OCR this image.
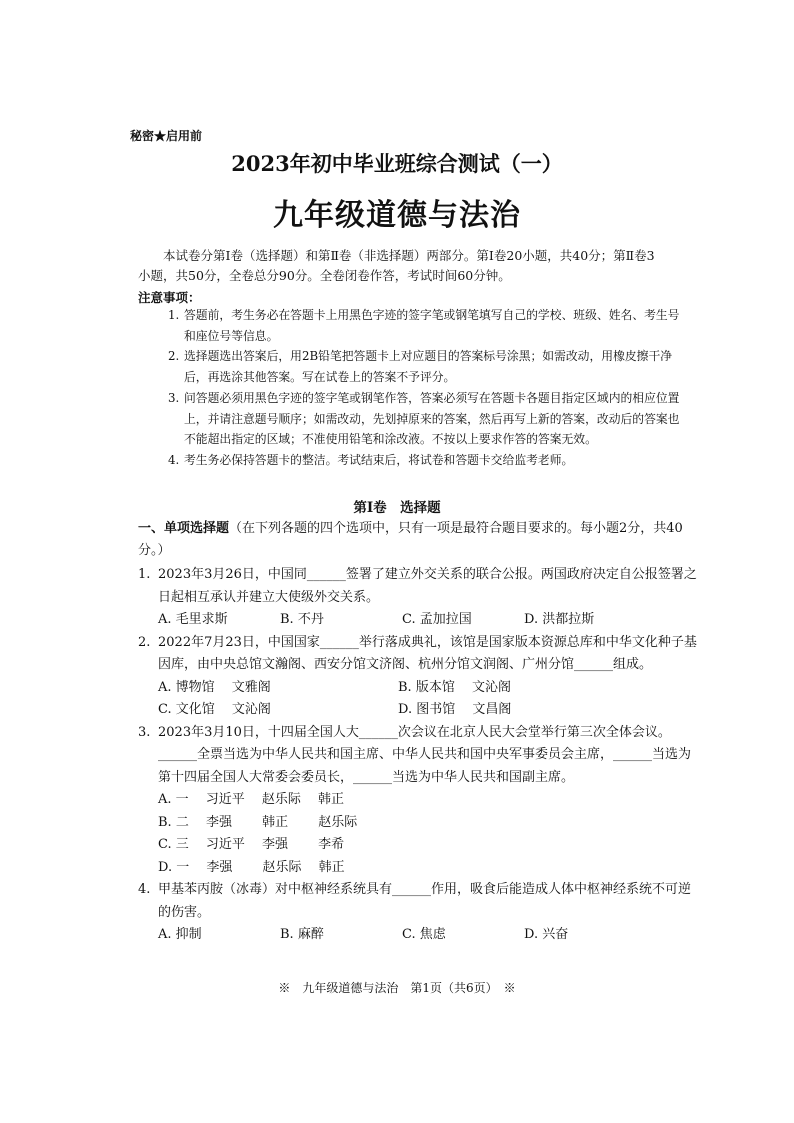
秘密★启用前
2023年初中毕业班综合测试（一）
九年级道德与法治
本试卷分第Ⅰ卷（选择题）和第Ⅱ卷（非选择题）两部分。第Ⅰ卷20小题，共40分；第Ⅱ卷3小题，共50分，全卷总分90分。全卷闭卷作答，考试时间60分钟。
注意事项：
1. 答题前，考生务必在答题卡上用黑色字迹的签字笔或钢笔填写自己的学校、班级、姓名、考生号和座位号等信息。
2. 选择题选出答案后，用2B铅笔把答题卡上对应题目的答案标号涂黑；如需改动，用橡皮擦干净后，再选涂其他答案。写在试卷上的答案不予评分。
3. 问答题必须用黑色字迹的签字笔或钢笔作答，答案必须写在答题卡各题目指定区域内的相应位置上，并请注意题号顺序；如需改动，先划掉原来的答案，然后再写上新的答案，改动后的答案也不能超出指定的区域；不准使用铅笔和涂改液。不按以上要求作答的答案无效。
4. 考生务必保持答题卡的整洁。考试结束后，将试卷和答题卡交给监考老师。
第Ⅰ卷　选择题
一、单项选择题（在下列各题的四个选项中，只有一项是最符合题目要求的。每小题2分，共40分。）
1. 2023年3月26日，中国同______签署了建立外交关系的联合公报。两国政府决定自公报签署之日起相互承认并建立大使级外交关系。
A. 毛里求斯	B. 不丹	C. 孟加拉国	D. 洪都拉斯
2. 2022年7月23日，中国国家______举行落成典礼，该馆是国家版本资源总库和中华文化种子基因库，由中央总馆文瀚阁、西安分馆文济阁、杭州分馆文润阁、广州分馆______组成。
A. 博物馆　 文雅阁	B. 版本馆　 文沁阁
C. 文化馆　 文沁阁	D. 图书馆　 文昌阁
3. 2023年3月10日，十四届全国人大______次会议在北京人民大会堂举行第三次全体会议。______全票当选为中华人民共和国主席、中华人民共和国中央军事委员会主席，______当选为第十四届全国人大常委会委员长，______当选为中华人民共和国副主席。
A. 一　 习近平　 赵乐际　 韩正
B. 二　 李强　　 韩正　　 赵乐际
C. 三　 习近平　 李强　　 李希
D. 一　 李强　　 赵乐际　 韩正
4. 甲基苯丙胺（冰毒）对中枢神经系统具有______作用，吸食后能造成人体中枢神经系统不可逆的伤害。
A. 抑制	B. 麻醉	C. 焦虑	D. 兴奋
※　九年级道德与法治　第1页（共6页）　※
